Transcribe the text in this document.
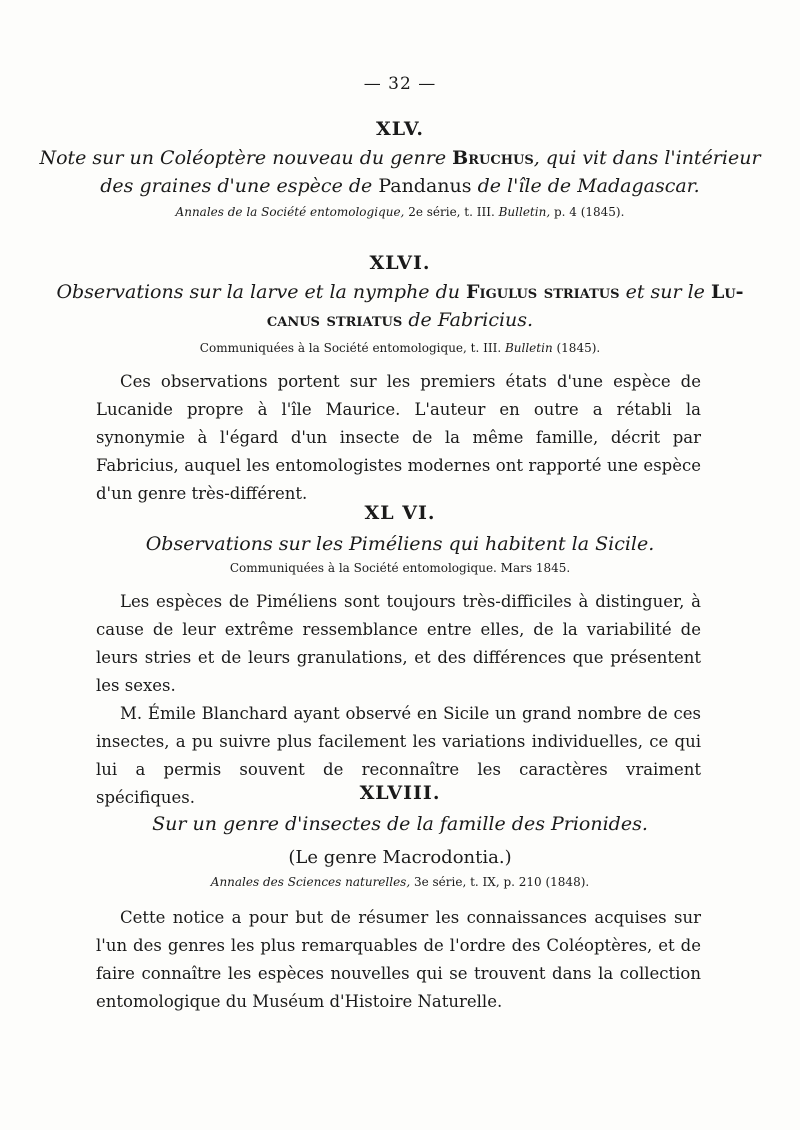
— 32 —

XLV.

Note sur un Coléoptère nouveau du genre Bruchus, qui vit dans l'intérieur
des graines d'une espèce de Pandanus de l'île de Madagascar.

Annales de la Société entomologique, 2e série, t. III. Bulletin, p. 4 (1845).

XLVI.

Observations sur la larve et la nymphe du Figulus striatus et sur le Lu-
canus striatus de Fabricius.

Communiquées à la Société entomologique, t. III. Bulletin (1845).

Ces observations portent sur les premiers états d'une espèce de Lucanide propre à l'île Maurice. L'auteur en outre a rétabli la synonymie à l'égard d'un insecte de la même famille, décrit par Fabricius, auquel les entomologistes modernes ont rapporté une espèce d'un genre très-différent.

XL VI.

Observations sur les Piméliens qui habitent la Sicile.

Communiquées à la Société entomologique. Mars 1845.

Les espèces de Piméliens sont toujours très-difficiles à distinguer, à cause de leur extrême ressemblance entre elles, de la variabilité de leurs stries et de leurs granulations, et des différences que présentent les sexes.

M. Émile Blanchard ayant observé en Sicile un grand nombre de ces insectes, a pu suivre plus facilement les variations individuelles, ce qui lui a permis souvent de reconnaître les caractères vraiment spécifiques.	XLVIII.

Sur un genre d'insectes de la famille des Prionides.

(Le genre Macrodontia.)

Annales des Sciences naturelles, 3e série, t. IX, p. 210 (1848).

Cette notice a pour but de résumer les connaissances acquises sur l'un des genres les plus remarquables de l'ordre des Coléoptères, et de faire connaître les espèces nouvelles qui se trouvent dans la collection entomologique du Muséum d'Histoire Naturelle.
